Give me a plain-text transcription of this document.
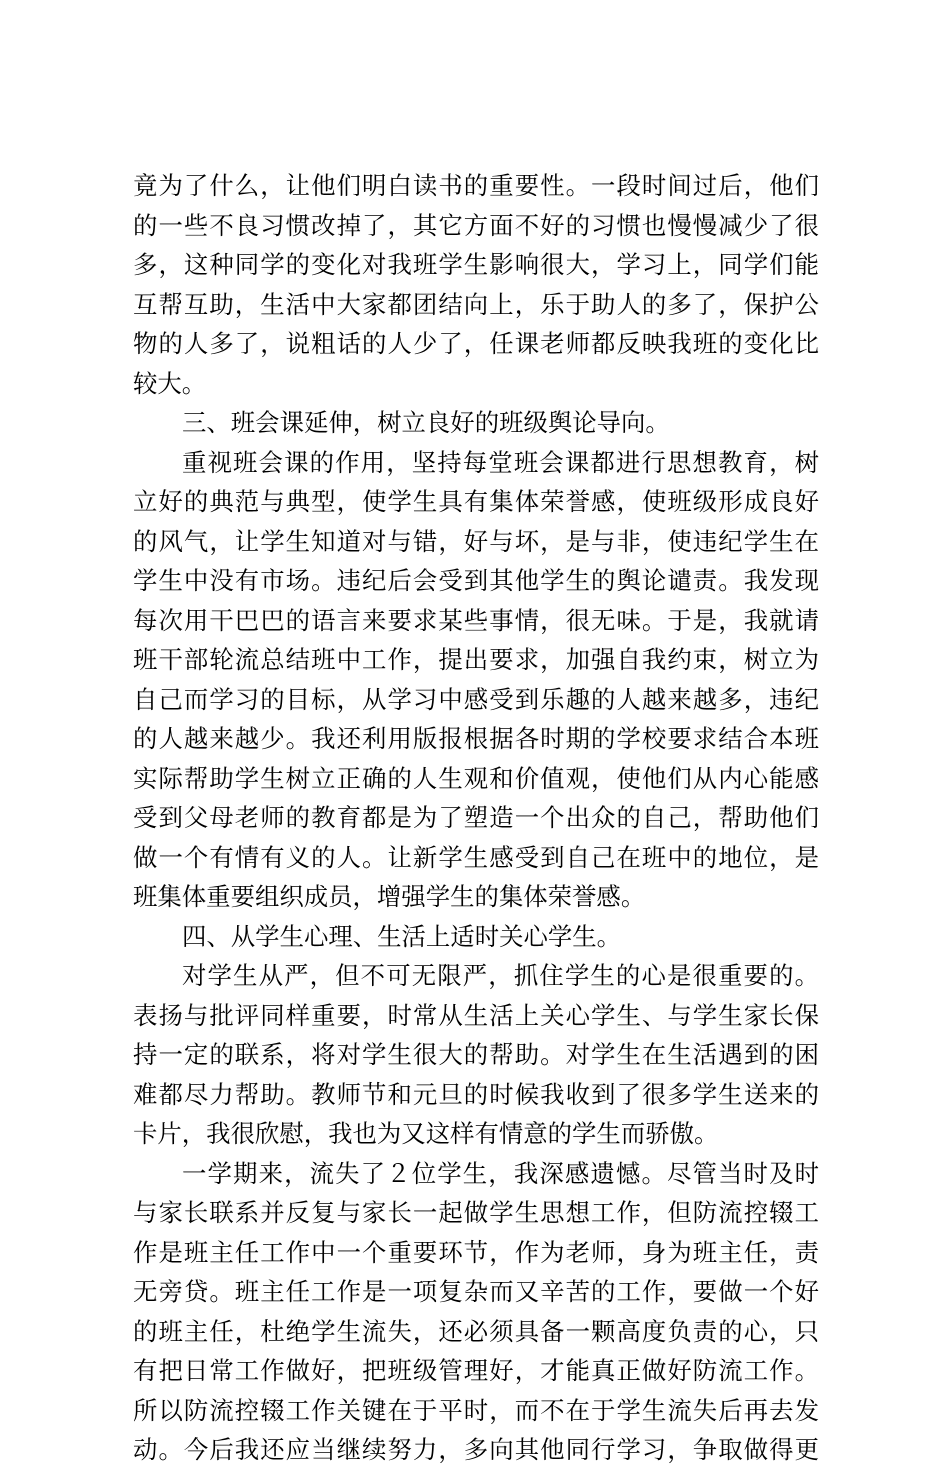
竟为了什么，让他们明白读书的重要性。一段时间过后，他们
的一些不良习惯改掉了，其它方面不好的习惯也慢慢减少了很
多，这种同学的变化对我班学生影响很大，学习上，同学们能
互帮互助，生活中大家都团结向上，乐于助人的多了，保护公
物的人多了，说粗话的人少了，任课老师都反映我班的变化比
较大。
三、班会课延伸，树立良好的班级舆论导向。
重视班会课的作用，坚持每堂班会课都进行思想教育，树
立好的典范与典型，使学生具有集体荣誉感，使班级形成良好
的风气，让学生知道对与错，好与坏，是与非，使违纪学生在
学生中没有市场。违纪后会受到其他学生的舆论谴责。我发现
每次用干巴巴的语言来要求某些事情，很无味。于是，我就请
班干部轮流总结班中工作，提出要求，加强自我约束，树立为
自己而学习的目标，从学习中感受到乐趣的人越来越多，违纪
的人越来越少。我还利用版报根据各时期的学校要求结合本班
实际帮助学生树立正确的人生观和价值观，使他们从内心能感
受到父母老师的教育都是为了塑造一个出众的自己，帮助他们
做一个有情有义的人。让新学生感受到自己在班中的地位，是
班集体重要组织成员，增强学生的集体荣誉感。
四、从学生心理、生活上适时关心学生。
对学生从严，但不可无限严，抓住学生的心是很重要的。
表扬与批评同样重要，时常从生活上关心学生、与学生家长保
持一定的联系，将对学生很大的帮助。对学生在生活遇到的困
难都尽力帮助。教师节和元旦的时候我收到了很多学生送来的
卡片，我很欣慰，我也为又这样有情意的学生而骄傲。
一学期来，流失了２位学生，我深感遗憾。尽管当时及时
与家长联系并反复与家长一起做学生思想工作，但防流控辍工
作是班主任工作中一个重要环节，作为老师，身为班主任，责
无旁贷。班主任工作是一项复杂而又辛苦的工作，要做一个好
的班主任，杜绝学生流失，还必须具备一颗高度负责的心，只
有把日常工作做好，把班级管理好，才能真正做好防流工作。
所以防流控辍工作关键在于平时，而不在于学生流失后再去发
动。今后我还应当继续努力，多向其他同行学习，争取做得更
